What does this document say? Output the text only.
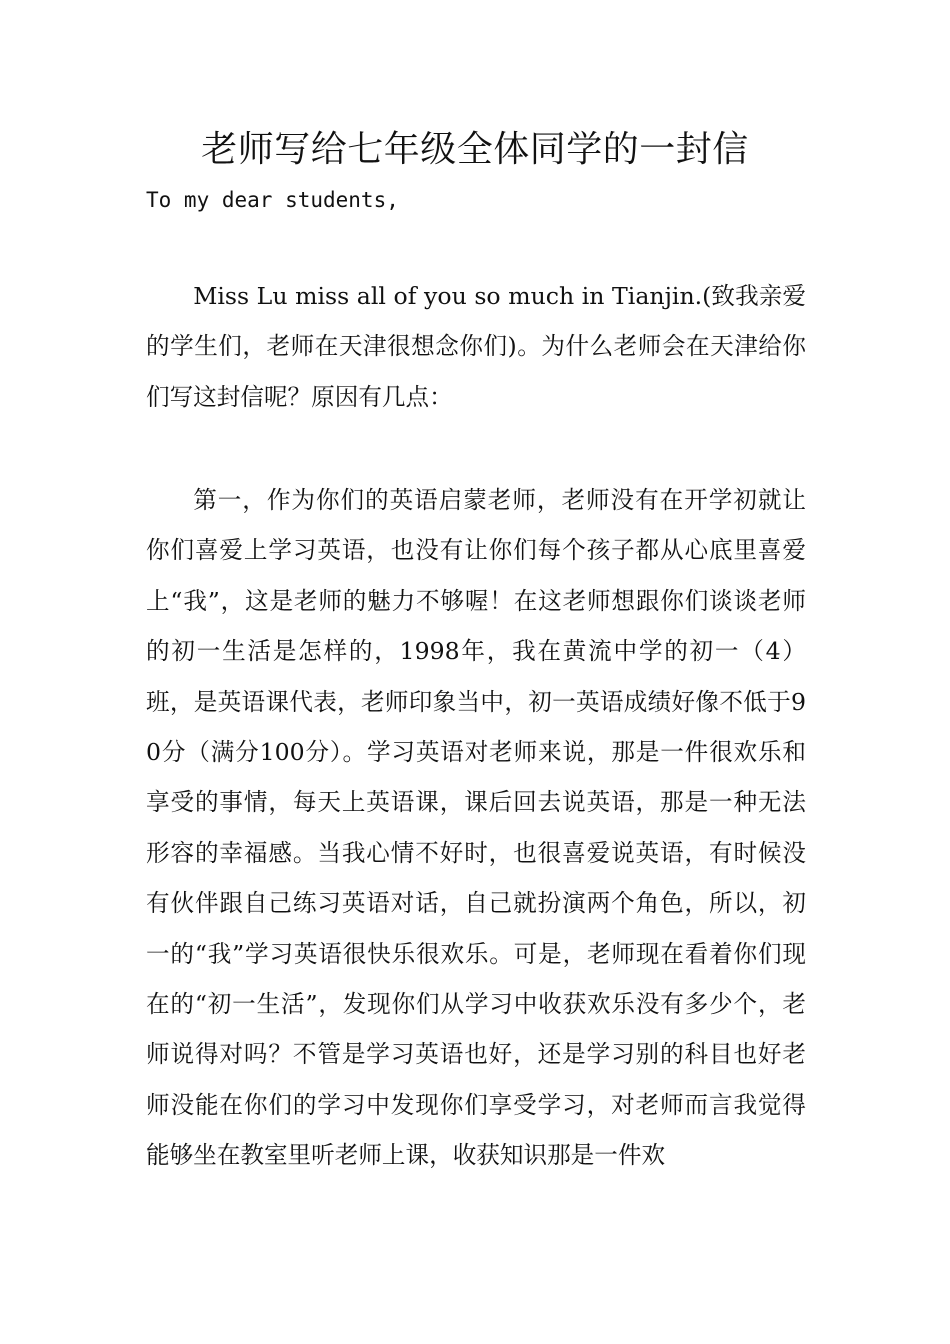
老师写给七年级全体同学的一封信

To my dear students,

Miss Lu miss all of you so much in Tianjin.(致我亲爱的学生们，老师在天津很想念你们)。为什么老师会在天津给你们写这封信呢？原因有几点：

第一，作为你们的英语启蒙老师，老师没有在开学初就让你们喜爱上学习英语，也没有让你们每个孩子都从心底里喜爱上“我”，这是老师的魅力不够喔！在这老师想跟你们谈谈老师的初一生活是怎样的，1998年，我在黄流中学的初一（4）班，是英语课代表，老师印象当中，初一英语成绩好像不低于90分（满分100分）。学习英语对老师来说，那是一件很欢乐和享受的事情，每天上英语课，课后回去说英语，那是一种无法形容的幸福感。当我心情不好时，也很喜爱说英语，有时候没有伙伴跟自己练习英语对话，自己就扮演两个角色，所以，初一的“我”学习英语很快乐很欢乐。可是，老师现在看着你们现在的“初一生活”，发现你们从学习中收获欢乐没有多少个，老师说得对吗？不管是学习英语也好，还是学习别的科目也好老师没能在你们的学习中发现你们享受学习，对老师而言我觉得能够坐在教室里听老师上课，收获知识那是一件欢
